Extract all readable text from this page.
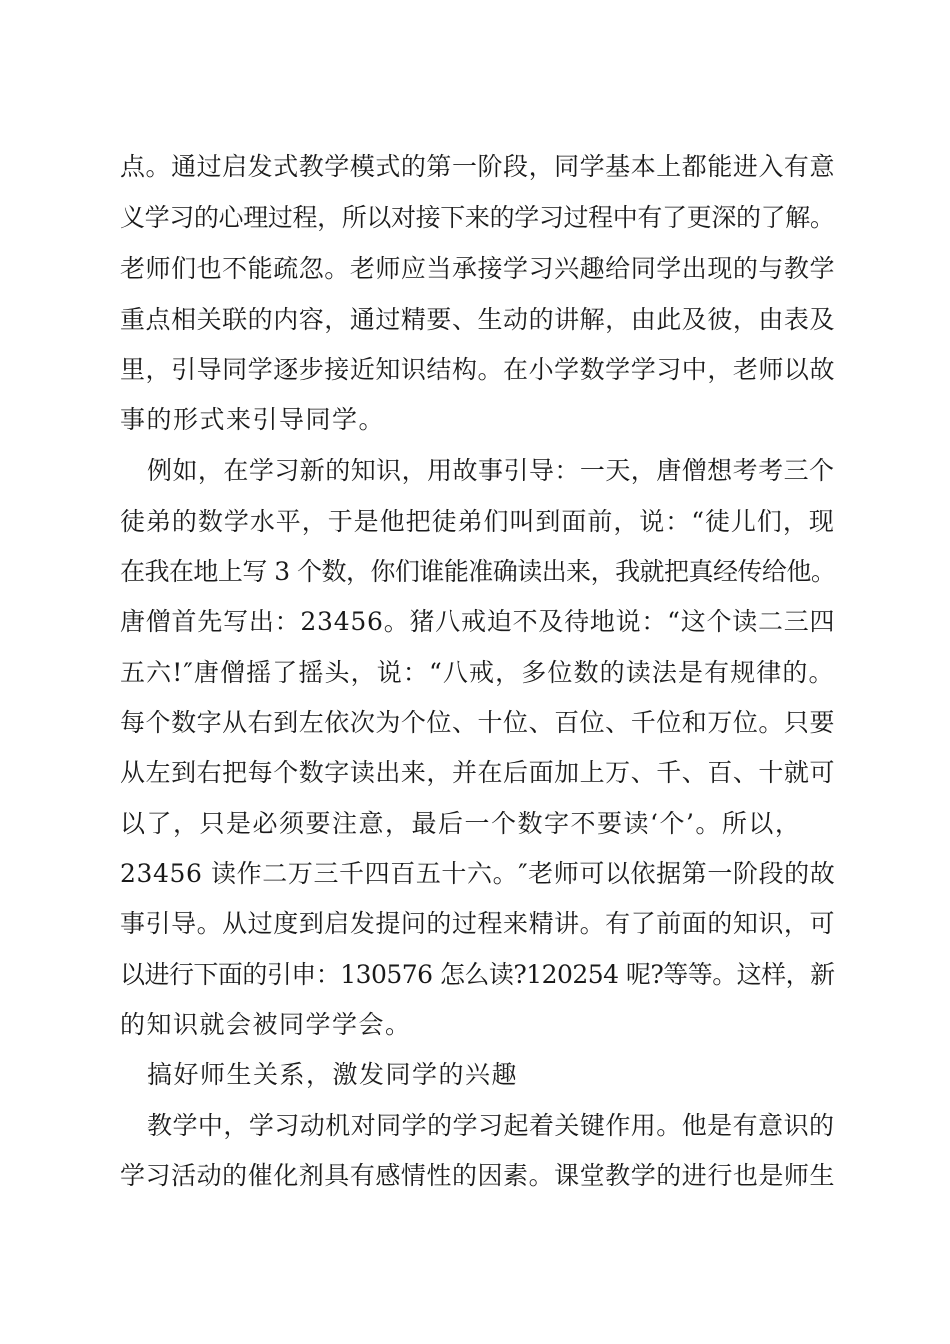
点。通过启发式教学模式的第一阶段，同学基本上都能进入有意
义学习的心理过程，所以对接下来的学习过程中有了更深的了解。
老师们也不能疏忽。老师应当承接学习兴趣给同学出现的与教学
重点相关联的内容，通过精要、生动的讲解，由此及彼，由表及
里，引导同学逐步接近知识结构。在小学数学学习中，老师以故
事的形式来引导同学。
例如，在学习新的知识，用故事引导：一天，唐僧想考考三个
徒弟的数学水平，于是他把徒弟们叫到面前，说：“徒儿们，现
在我在地上写 3 个数，你们谁能准确读出来，我就把真经传给他。
唐僧首先写出：23456。猪八戒迫不及待地说：“这个读二三四
五六!″唐僧摇了摇头，说：“八戒，多位数的读法是有规律的。
每个数字从右到左依次为个位、十位、百位、千位和万位。只要
从左到右把每个数字读出来，并在后面加上万、千、百、十就可
以了，只是必须要注意，最后一个数字不要读‘个’。所以，
23456 读作二万三千四百五十六。″老师可以依据第一阶段的故
事引导。从过度到启发提问的过程来精讲。有了前面的知识，可
以进行下面的引申：130576 怎么读?120254 呢?等等。这样，新
的知识就会被同学学会。
搞好师生关系，激发同学的兴趣
教学中，学习动机对同学的学习起着关键作用。他是有意识的
学习活动的催化剂具有感情性的因素。课堂教学的进行也是师生
